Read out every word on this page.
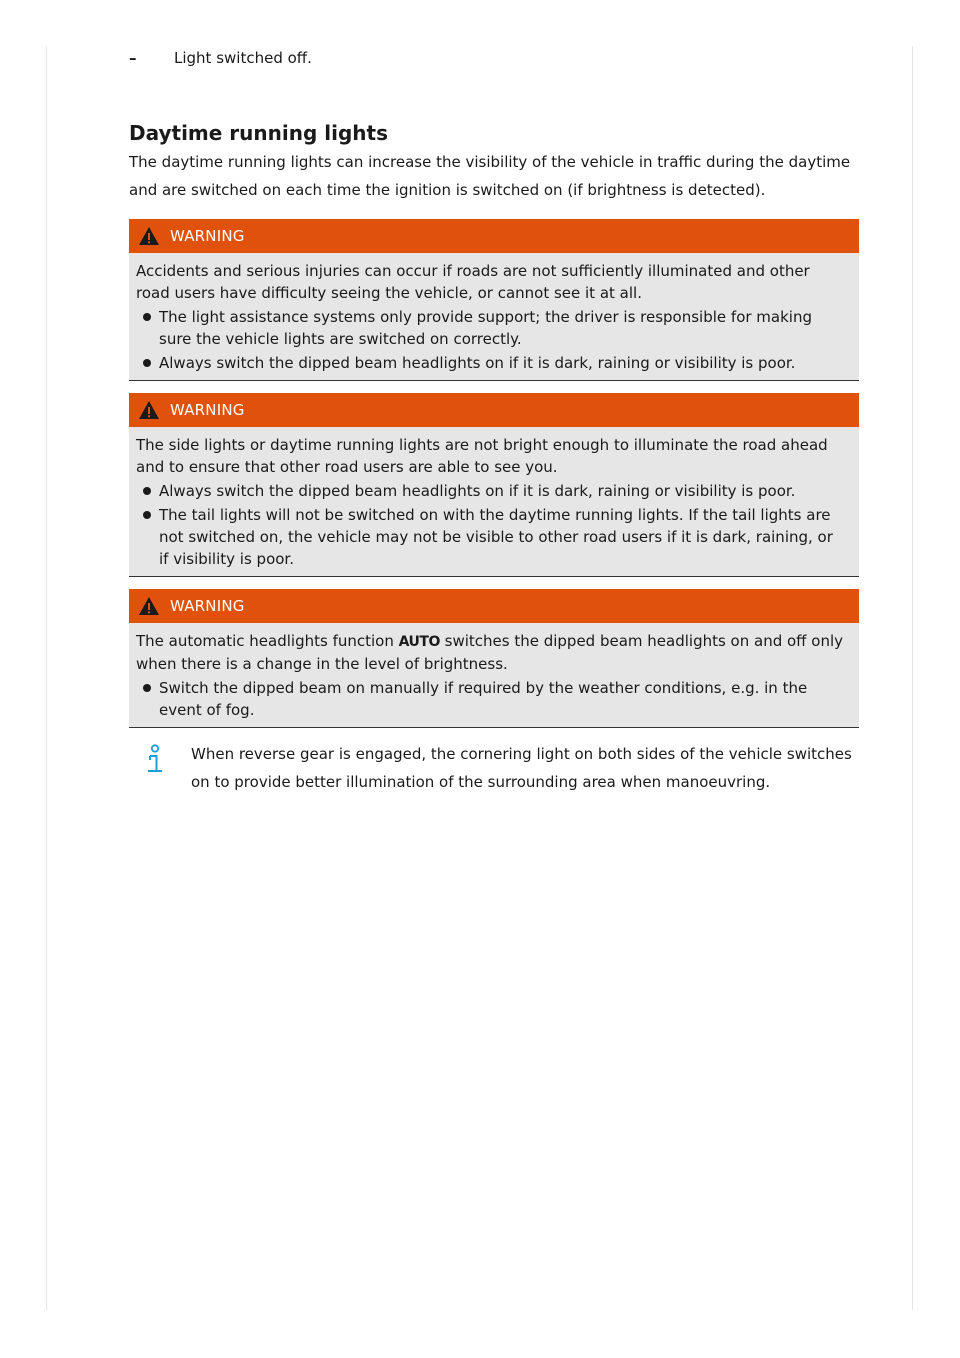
–	Light switched off.
Daytime running lights

The daytime running lights can increase the visibility of the vehicle in traffic during the daytime and are switched on each time the ignition is switched on (if brightness is detected).

WARNING

Accidents and serious injuries can occur if roads are not sufficiently illuminated and other road users have difficulty seeing the vehicle, or cannot see it at all.

The light assistance systems only provide support; the driver is responsible for making sure the vehicle lights are switched on correctly.
Always switch the dipped beam headlights on if it is dark, raining or visibility is poor.
WARNING

The side lights or daytime running lights are not bright enough to illuminate the road ahead and to ensure that other road users are able to see you.

Always switch the dipped beam headlights on if it is dark, raining or visibility is poor.
The tail lights will not be switched on with the daytime running lights. If the tail lights are not switched on, the vehicle may not be visible to other road users if it is dark, raining, or if visibility is poor.
WARNING

The automatic headlights function AUTO switches the dipped beam headlights on and off only when there is a change in the level of brightness.

Switch the dipped beam on manually if required by the weather conditions, e.g. in the event of fog.

When reverse gear is engaged, the cornering light on both sides of the vehicle switches on to provide better illumination of the surrounding area when manoeuvring.
